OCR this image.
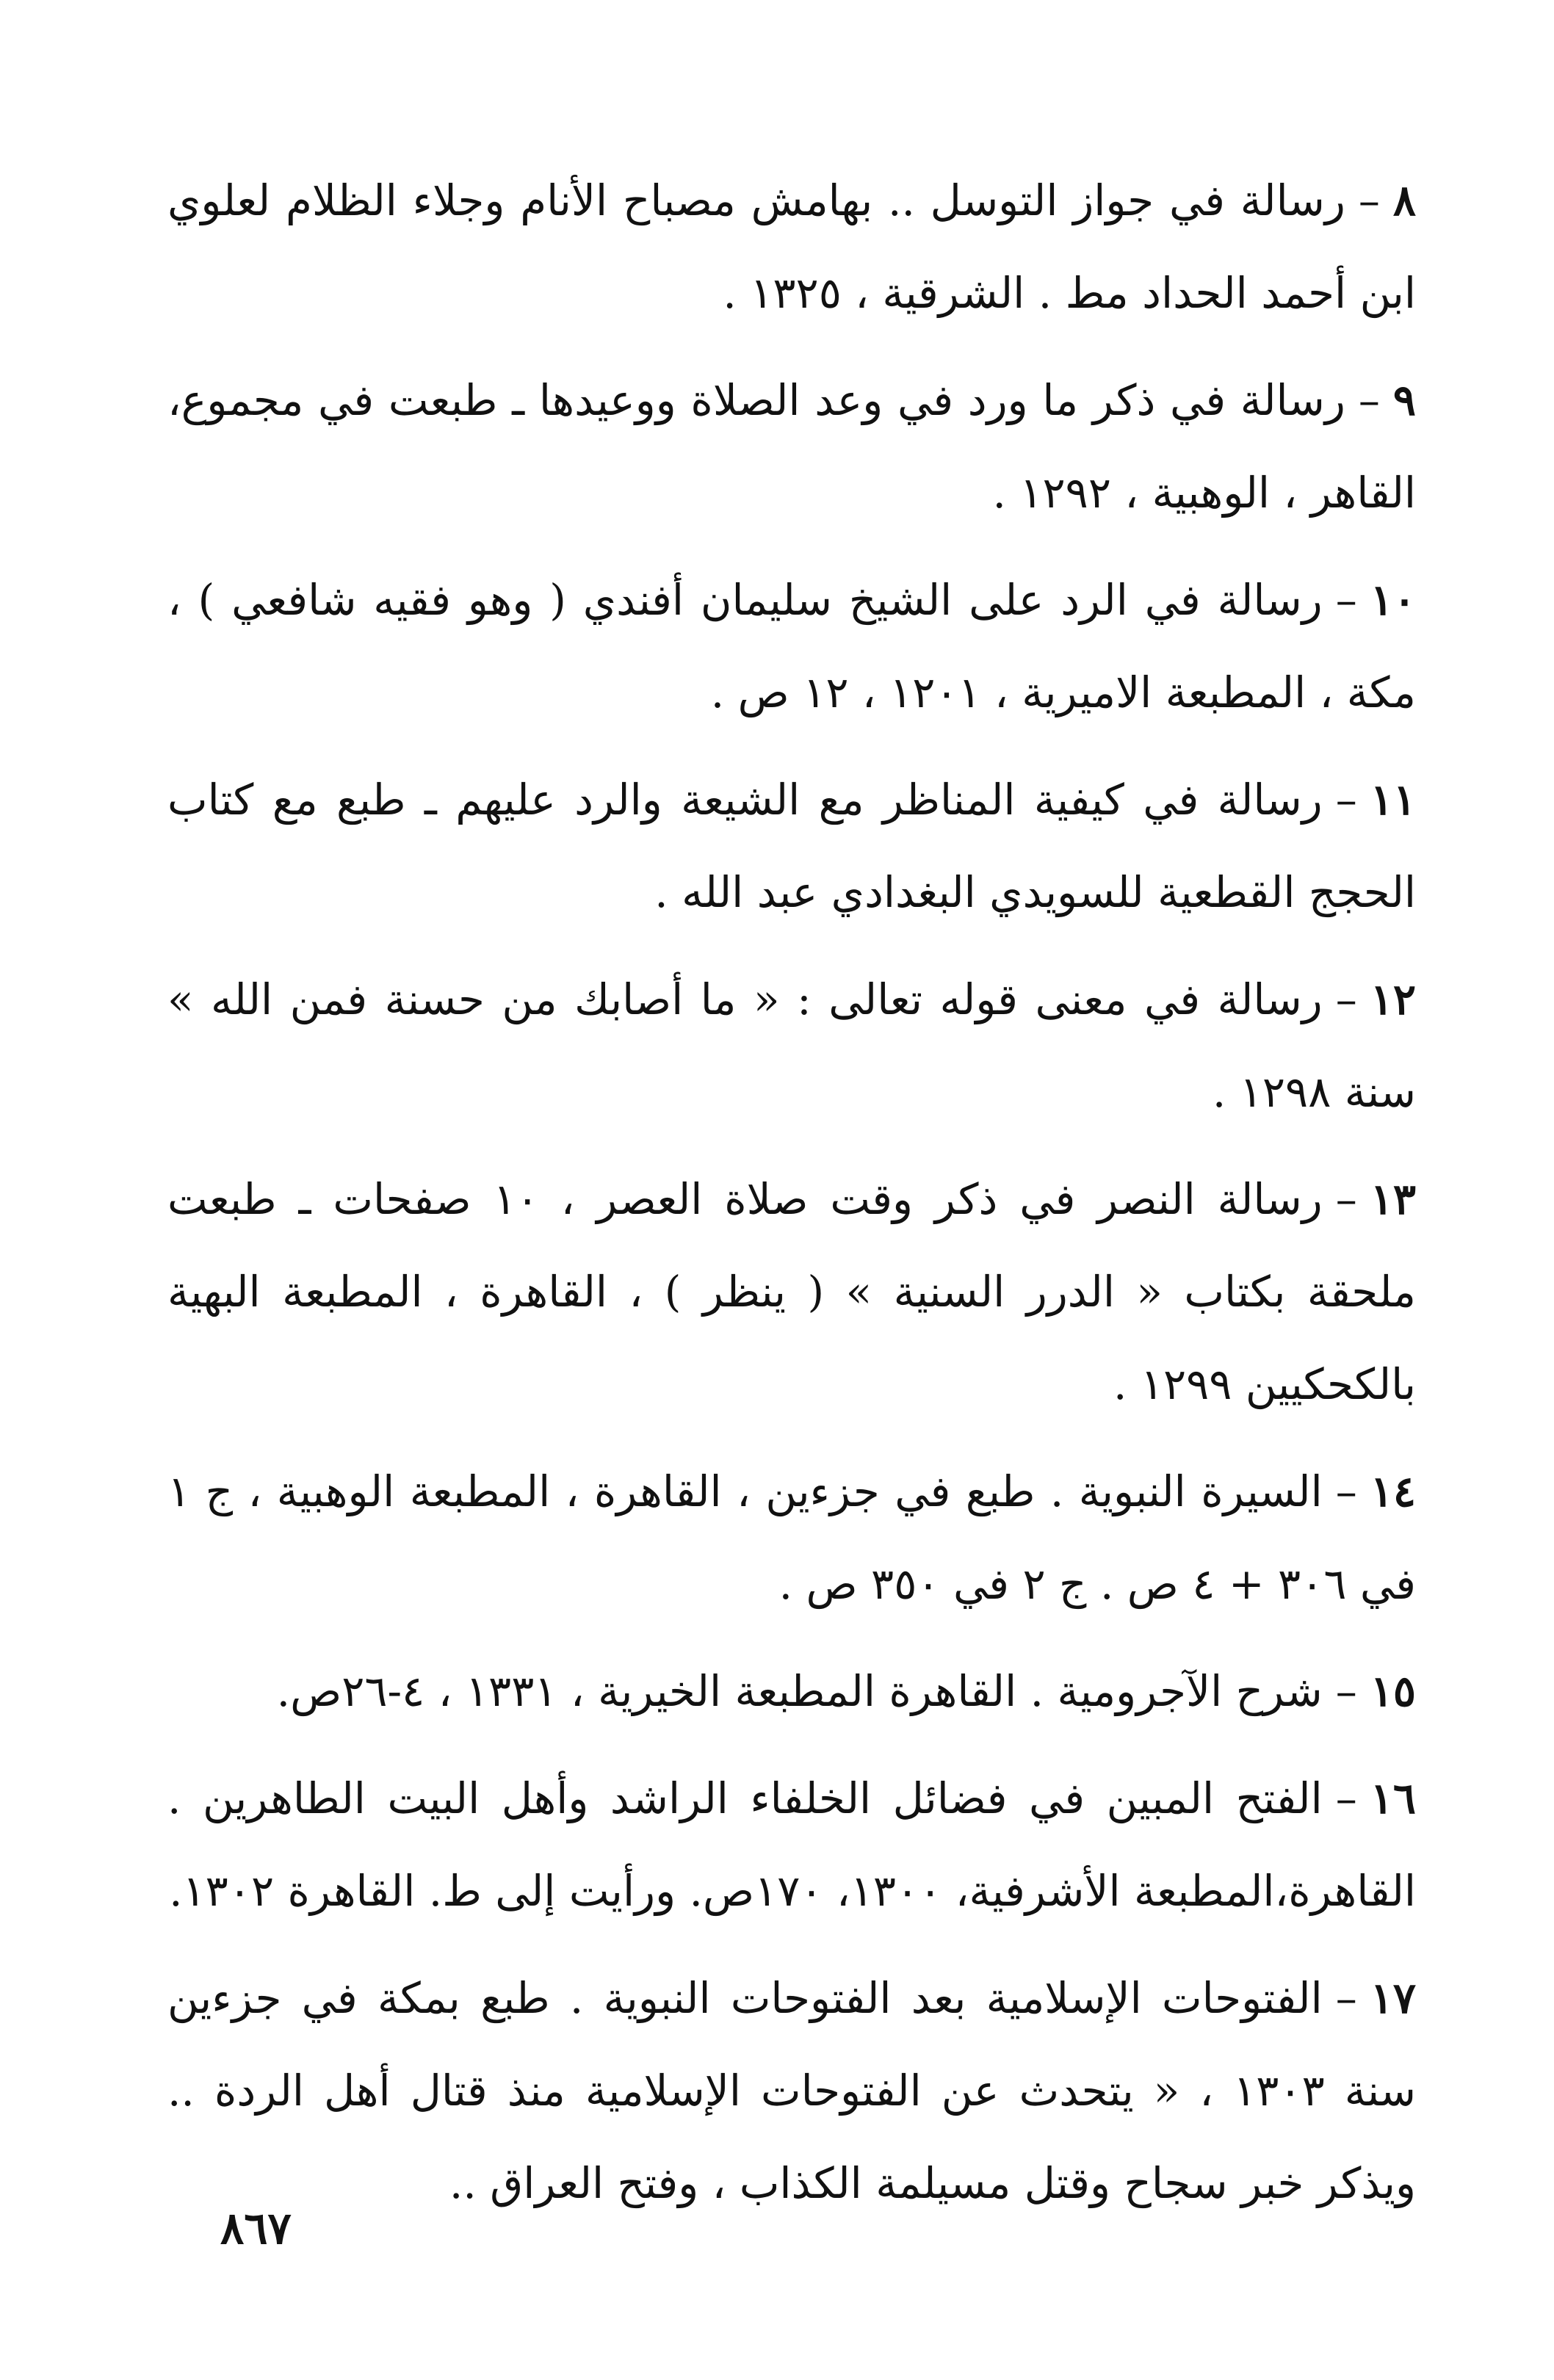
٨–رسالة في جواز التوسل .. بهامش مصباح الأنام وجلاء الظلام لعلوي ابن أحمد الحداد مط . الشرقية ، ١٣٢٥ .

٩–رسالة في ذكر ما ورد في وعد الصلاة ووعيدها ـ طبعت في مجموع، القاهر ، الوهبية ، ١٢٩٢ .

١٠–رسالة في الرد على الشيخ سليمان أفندي ( وهو فقيه شافعي ) ، مكة ، المطبعة الاميرية ، ١٢٠١ ، ١٢ ص .

١١–رسالة في كيفية المناظر مع الشيعة والرد عليهم ـ طبع مع كتاب الحجج القطعية للسويدي البغدادي عبد الله .

١٢–رسالة في معنى قوله تعالى : « ما أصابك من حسنة فمن الله » سنة ١٢٩٨ .

١٣–رسالة النصر في ذكر وقت صلاة العصر ، ١٠ صفحات ـ طبعت ملحقة بكتاب « الدرر السنية » ( ينظر ) ، القاهرة ، المطبعة البهية بالكحكيين ١٢٩٩ .

١٤–السيرة النبوية . طبع في جزءين ، القاهرة ، المطبعة الوهبية ، ج ١ في ٣٠٦ + ٤ ص . ج ٢ في ٣٥٠ ص .

١٥–شرح الآجرومية . القاهرة المطبعة الخيرية ، ١٣٣١ ، ٤-٢٦ص.

١٦–الفتح المبين في فضائل الخلفاء الراشد وأهل البيت الطاهرين . القاهرة،المطبعة الأشرفية، ١٣٠٠، ١٧٠ص. ورأيت إلى ط. القاهرة ١٣٠٢.

١٧–الفتوحات الإسلامية بعد الفتوحات النبوية . طبع بمكة في جزءين سنة ١٣٠٣ ، « يتحدث عن الفتوحات الإسلامية منذ قتال أهل الردة .. ويذكر خبر سجاح وقتل مسيلمة الكذاب ، وفتح العراق ..

٨٦٧
